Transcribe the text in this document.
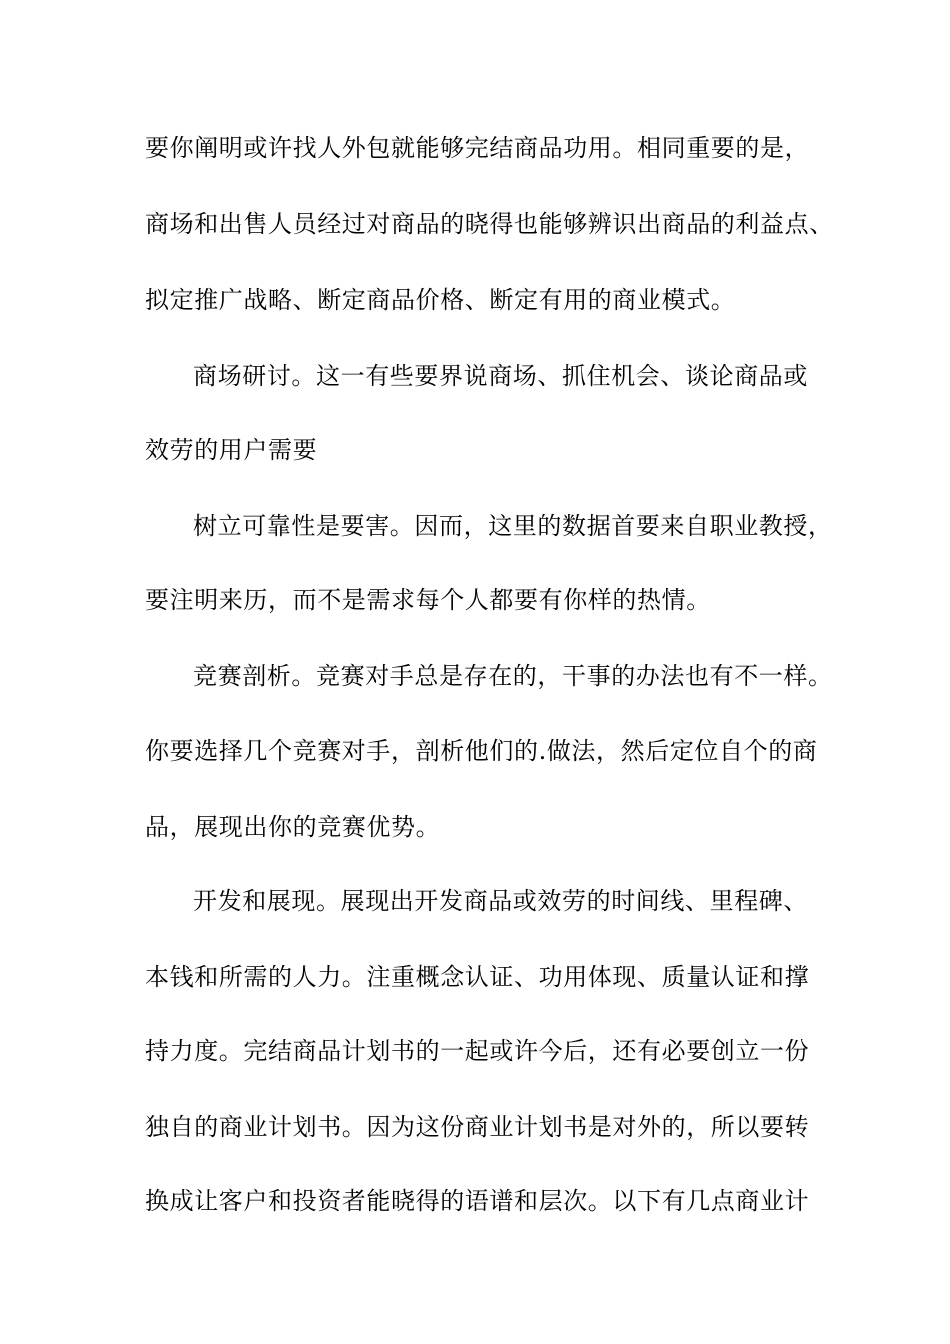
要你阐明或许找人外包就能够完结商品功用。相同重要的是，
商场和出售人员经过对商品的晓得也能够辨识出商品的利益点、
拟定推广战略、断定商品价格、断定有用的商业模式。
商场研讨。这一有些要界说商场、抓住机会、谈论商品或
效劳的用户需要
树立可靠性是要害。因而，这里的数据首要来自职业教授，
要注明来历，而不是需求每个人都要有你样的热情。
竞赛剖析。竞赛对手总是存在的，干事的办法也有不一样。
你要选择几个竞赛对手，剖析他们的.做法，然后定位自个的商
品，展现出你的竞赛优势。
开发和展现。展现出开发商品或效劳的时间线、里程碑、
本钱和所需的人力。注重概念认证、功用体现、质量认证和撑
持力度。完结商品计划书的一起或许今后，还有必要创立一份
独自的商业计划书。因为这份商业计划书是对外的，所以要转
换成让客户和投资者能晓得的语谱和层次。以下有几点商业计
